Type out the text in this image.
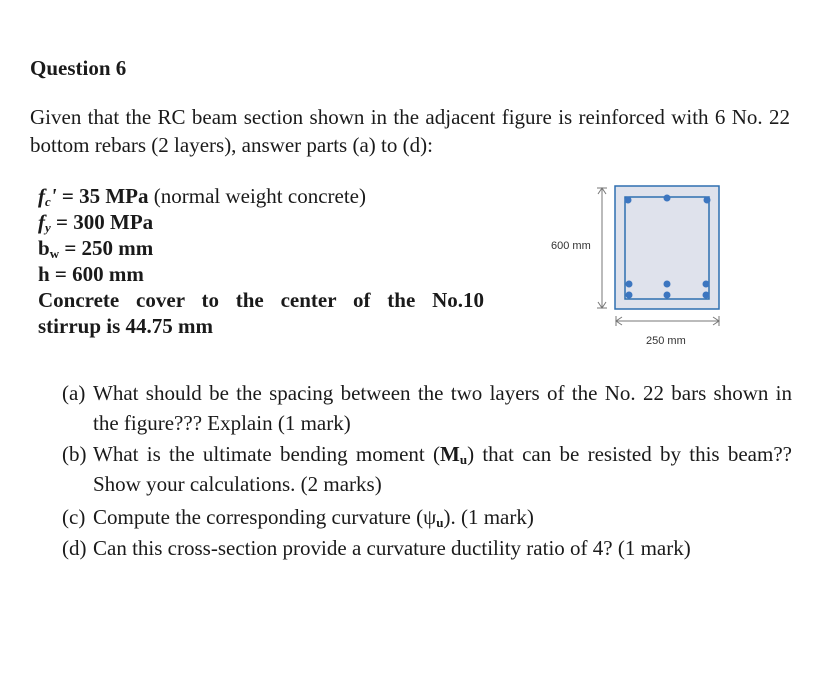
Question 6
Given that the RC beam section shown in the adjacent figure is reinforced with 6 No. 22 bottom rebars (2 layers), answer parts (a) to (d):
$f_c' = 35$ MPa (normal weight concrete)
$f_y = 300$ MPa
$b_w = 250$ mm
h = 600 mm
Concrete cover to the center of the No.10
stirrup is 44.75 mm
600 mm
250 mm
(a) What should be the spacing between the two layers of the No. 22 bars shown in the figure??? Explain (1 mark)
(b) What is the ultimate bending moment $(M_u)$ that can be resisted by this beam?? Show your calculations. (2 marks)
(c) Compute the corresponding curvature $(\psi_u)$. (1 mark)
(d) Can this cross-section provide a curvature ductility ratio of 4? (1 mark)
